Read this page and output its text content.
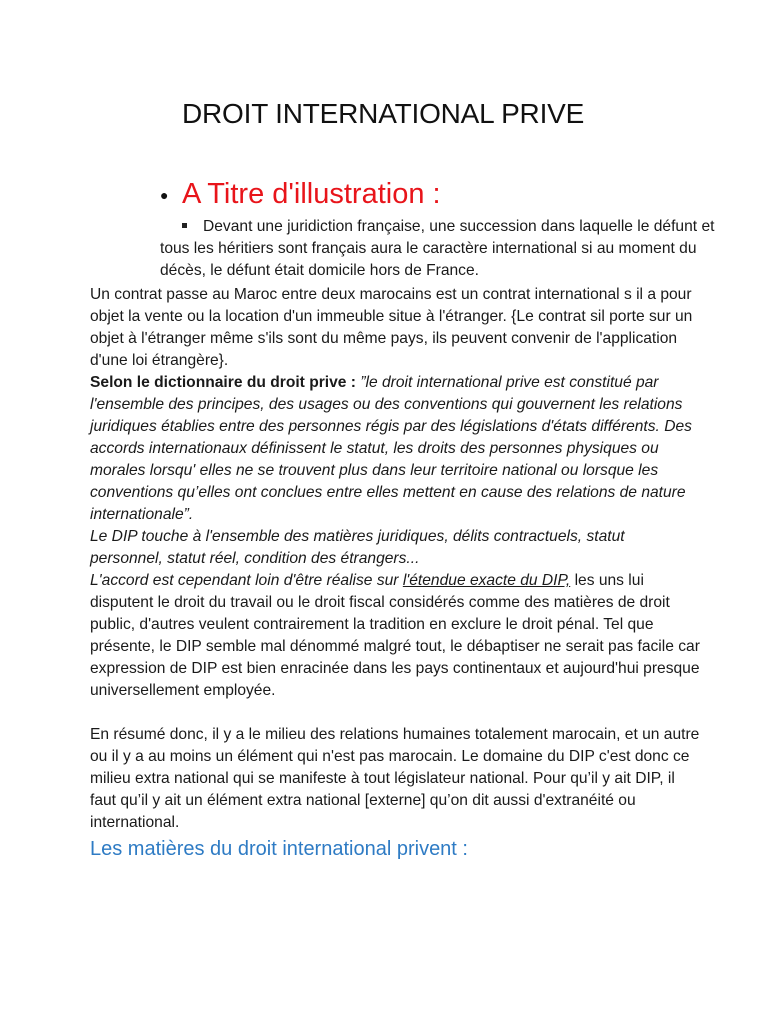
DROIT INTERNATIONAL PRIVE
● A Titre d'illustration :
Devant une juridiction française, une succession dans laquelle le défunt et tous les héritiers sont français aura le caractère international si au moment du décès, le défunt était domicile hors de France.

Un contrat passe au Maroc entre deux marocains est un contrat international s il a pour objet la vente ou la location d'un immeuble situe à l'étranger. {Le contrat sil porte sur un objet à l'étranger même s'ils sont du même pays, ils peuvent convenir de l'application d'une loi étrangère}.

Selon le dictionnaire du droit prive : ”le droit international prive est constitué par l'ensemble des principes, des usages ou des conventions qui gouvernent les relations juridiques établies entre des personnes régis par des législations d'états différents. Des accords internationaux définissent le statut, les droits des personnes physiques ou morales lorsqu' elles ne se trouvent plus dans leur territoire national ou lorsque les conventions qu’elles ont conclues entre elles mettent en cause des relations de nature internationale”.

Le DIP touche à l'ensemble des matières juridiques, délits contractuels, statut personnel, statut réel, condition des étrangers...

L'accord est cependant loin d'être réalise sur l'étendue exacte du DIP, les uns lui disputent le droit du travail ou le droit fiscal considérés comme des matières de droit public, d'autres veulent contrairement la tradition en exclure le droit pénal. Tel que présente, le DIP semble mal dénommé malgré tout, le débaptiser ne serait pas facile car expression de DIP est bien enracinée dans les pays continentaux et aujourd'hui presque universellement employée.

En résumé donc, il y a le milieu des relations humaines totalement marocain, et un autre ou il y a au moins un élément qui n'est pas marocain. Le domaine du DIP c'est donc ce milieu extra national qui se manifeste à tout législateur national. Pour qu’il y ait DIP, il faut qu’il y ait un élément extra national [externe] qu’on dit aussi d'extranéité ou international.

Les matières du droit international privent :
